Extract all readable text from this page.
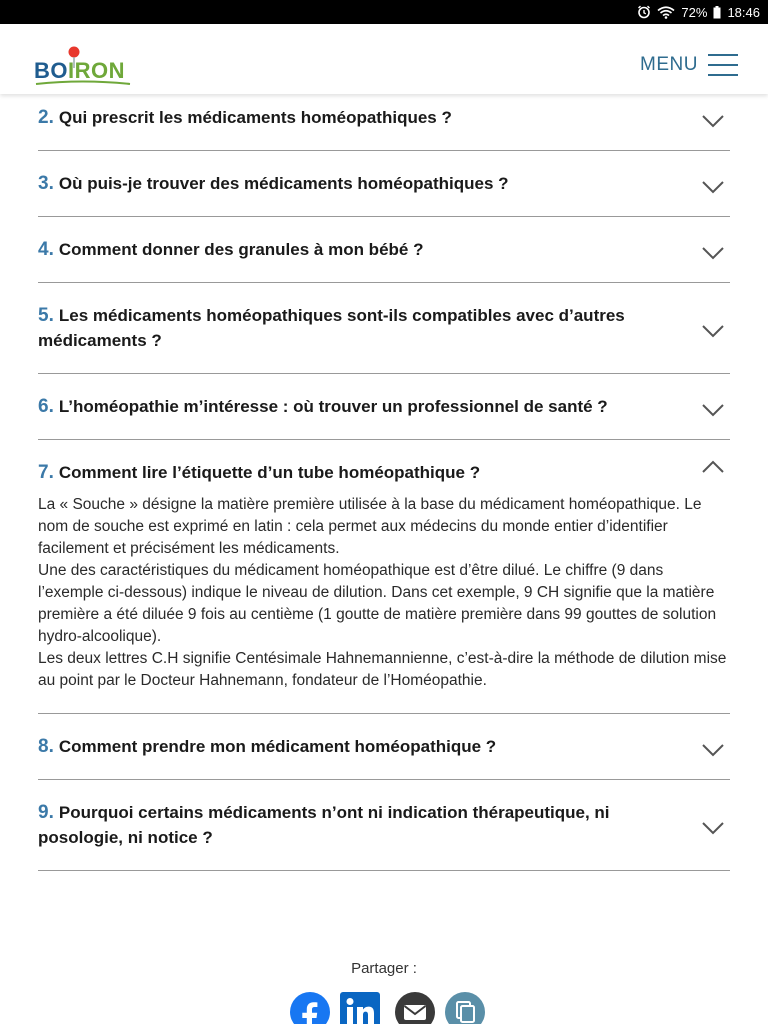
72% 18:46
BOIRON	MENU
2. Qui prescrit les médicaments homéopathiques ?
3. Où puis-je trouver des médicaments homéopathiques ?
4. Comment donner des granules à mon bébé ?
5. Les médicaments homéopathiques sont-ils compatibles avec d’autres médicaments ?
6. L’homéopathie m’intéresse : où trouver un professionnel de santé ?
7. Comment lire l’étiquette d’un tube homéopathique ?

La « Souche » désigne la matière première utilisée à la base du médicament homéopathique. Le nom de souche est exprimé en latin : cela permet aux médecins du monde entier d’identifier facilement et précisément les médicaments.

Une des caractéristiques du médicament homéopathique est d’être dilué. Le chiffre (9 dans l’exemple ci-dessous) indique le niveau de dilution. Dans cet exemple, 9 CH signifie que la matière première a été diluée 9 fois au centième (1 goutte de matière première dans 99 gouttes de solution hydro-alcoolique).

Les deux lettres C.H signifie Centésimale Hahnemannienne, c’est-à-dire la méthode de dilution mise au point par le Docteur Hahnemann, fondateur de l’Homéopathie.

8. Comment prendre mon médicament homéopathique ?
9. Pourquoi certains médicaments n’ont ni indication thérapeutique, ni posologie, ni notice ?
Partager :
